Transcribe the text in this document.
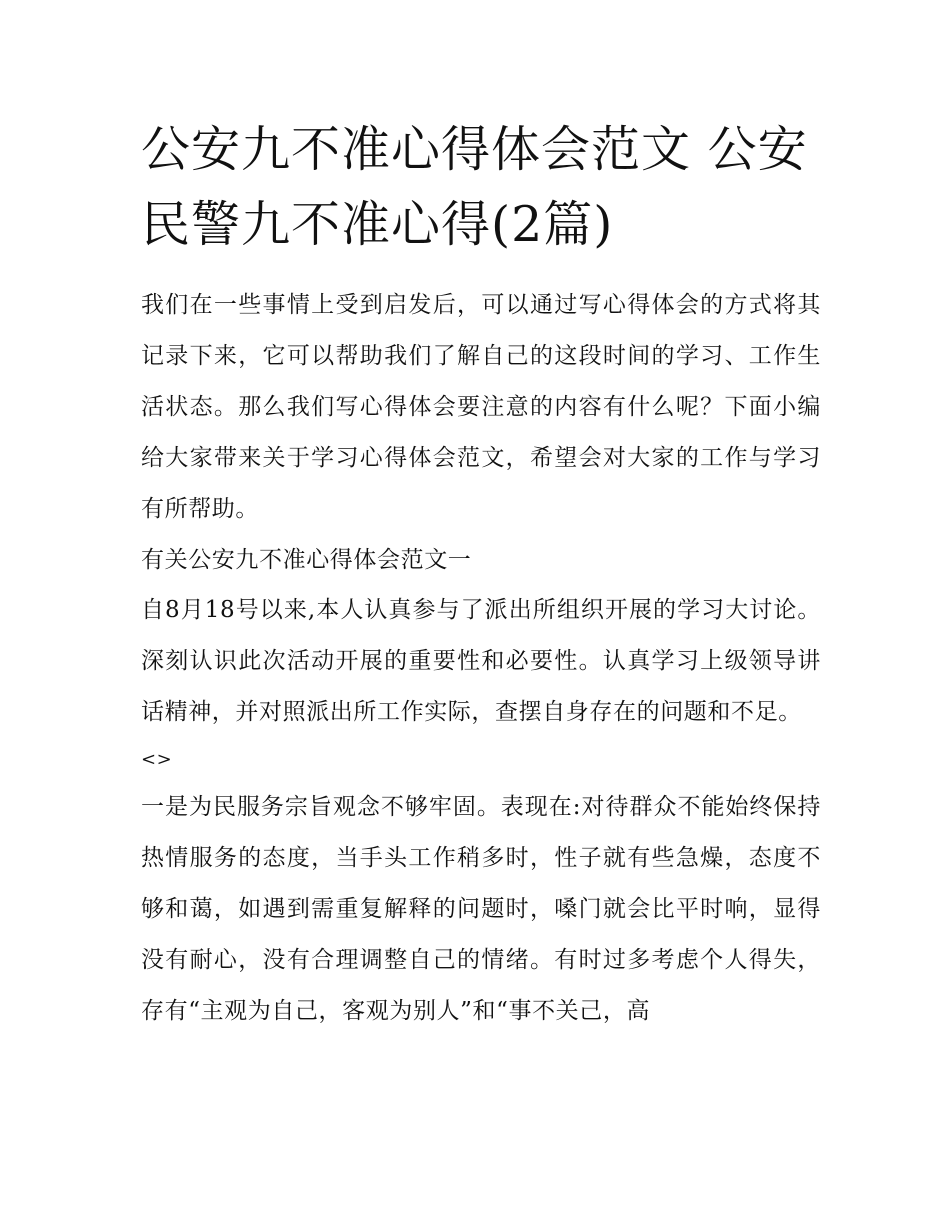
公安九不准心得体会范文 公安民警九不准心得(2篇)

我们在一些事情上受到启发后，可以通过写心得体会的方式将其记录下来，它可以帮助我们了解自己的这段时间的学习、工作生活状态。那么我们写心得体会要注意的内容有什么呢？下面小编给大家带来关于学习心得体会范文，希望会对大家的工作与学习有所帮助。

有关公安九不准心得体会范文一

自8月18号以来,本人认真参与了派出所组织开展的学习大讨论。深刻认识此次活动开展的重要性和必要性。认真学习上级领导讲话精神，并对照派出所工作实际，查摆自身存在的问题和不足。

<>

一是为民服务宗旨观念不够牢固。表现在:对待群众不能始终保持热情服务的态度，当手头工作稍多时，性子就有些急燥，态度不够和蔼，如遇到需重复解释的问题时，嗓门就会比平时响，显得没有耐心，没有合理调整自己的情绪。有时过多考虑个人得失，存有“主观为自己，客观为别人”和“事不关己，高
